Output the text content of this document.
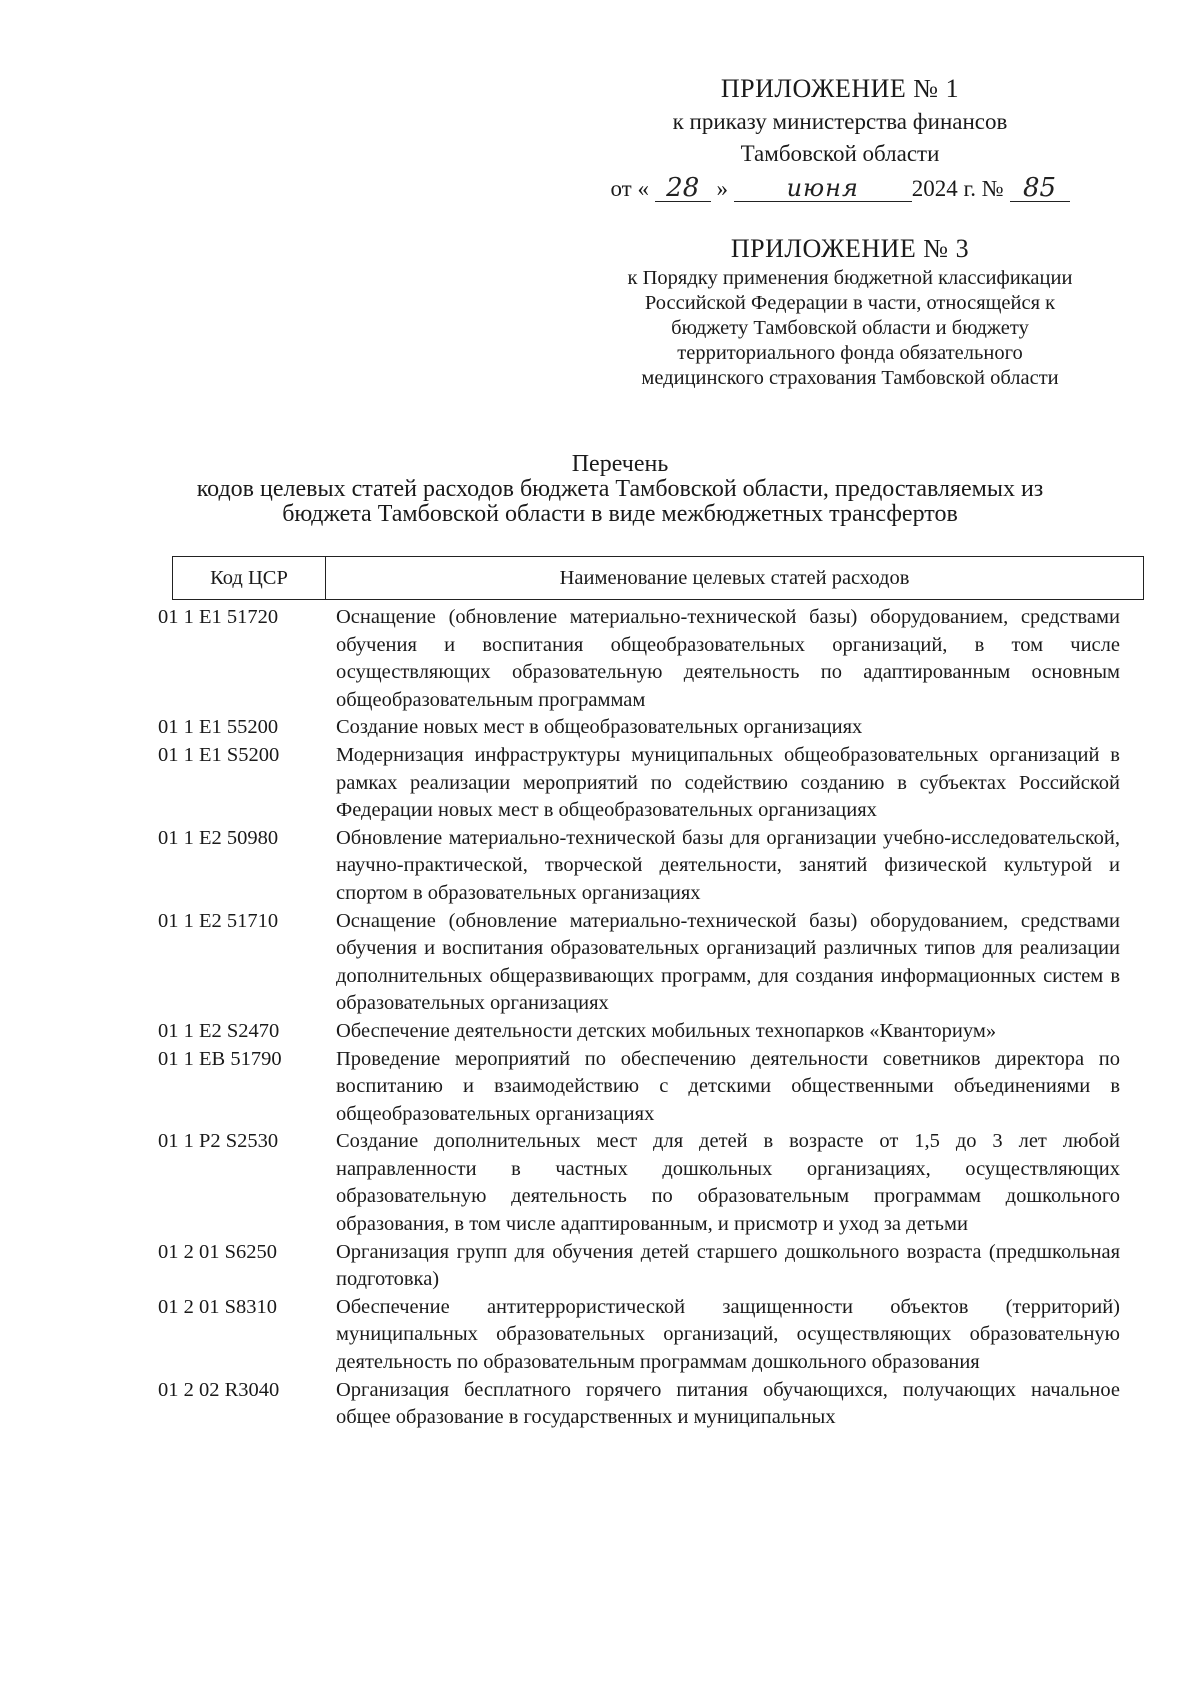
ПРИЛОЖЕНИЕ № 1
к приказу министерства финансов
Тамбовской области
от « 28 » июня 2024 г. № 85
ПРИЛОЖЕНИЕ № 3
к Порядку применения бюджетной классификации
Российской Федерации в части, относящейся к
бюджету Тамбовской области и бюджету
территориального фонда обязательного
медицинского страхования Тамбовской области
Перечень
кодов целевых статей расходов бюджета Тамбовской области, предоставляемых из
бюджета Тамбовской области в виде межбюджетных трансфертов
Код ЦСР	Наименование целевых статей расходов
01 1 E1 51720	Оснащение (обновление материально-технической базы) оборудованием, средствами обучения и воспитания общеобразовательных организаций, в том числе осуществляющих образовательную деятельность по адаптированным основным общеобразовательным программам
01 1 E1 55200	Создание новых мест в общеобразовательных организациях
01 1 E1 S5200	Модернизация инфраструктуры муниципальных общеобразовательных организаций в рамках реализации мероприятий по содействию созданию в субъектах Российской Федерации новых мест в общеобразовательных организациях
01 1 E2 50980	Обновление материально-технической базы для организации учебно-исследовательской, научно-практической, творческой деятельности, занятий физической культурой и спортом в образовательных организациях
01 1 E2 51710	Оснащение (обновление материально-технической базы) оборудованием, средствами обучения и воспитания образовательных организаций различных типов для реализации дополнительных общеразвивающих программ, для создания информационных систем в образовательных организациях
01 1 E2 S2470	Обеспечение деятельности детских мобильных технопарков «Кванториум»
01 1 EB 51790	Проведение мероприятий по обеспечению деятельности советников директора по воспитанию и взаимодействию с детскими общественными объединениями в общеобразовательных организациях
01 1 P2 S2530	Создание дополнительных мест для детей в возрасте от 1,5 до 3 лет любой направленности в частных дошкольных организациях, осуществляющих образовательную деятельность по образовательным программам дошкольного образования, в том числе адаптированным, и присмотр и уход за детьми
01 2 01 S6250	Организация групп для обучения детей старшего дошкольного возраста (предшкольная подготовка)
01 2 01 S8310	Обеспечение антитеррористической защищенности объектов (территорий) муниципальных образовательных организаций, осуществляющих образовательную деятельность по образовательным программам дошкольного образования
01 2 02 R3040	Организация бесплатного горячего питания обучающихся, получающих начальное общее образование в государственных и муниципальных
